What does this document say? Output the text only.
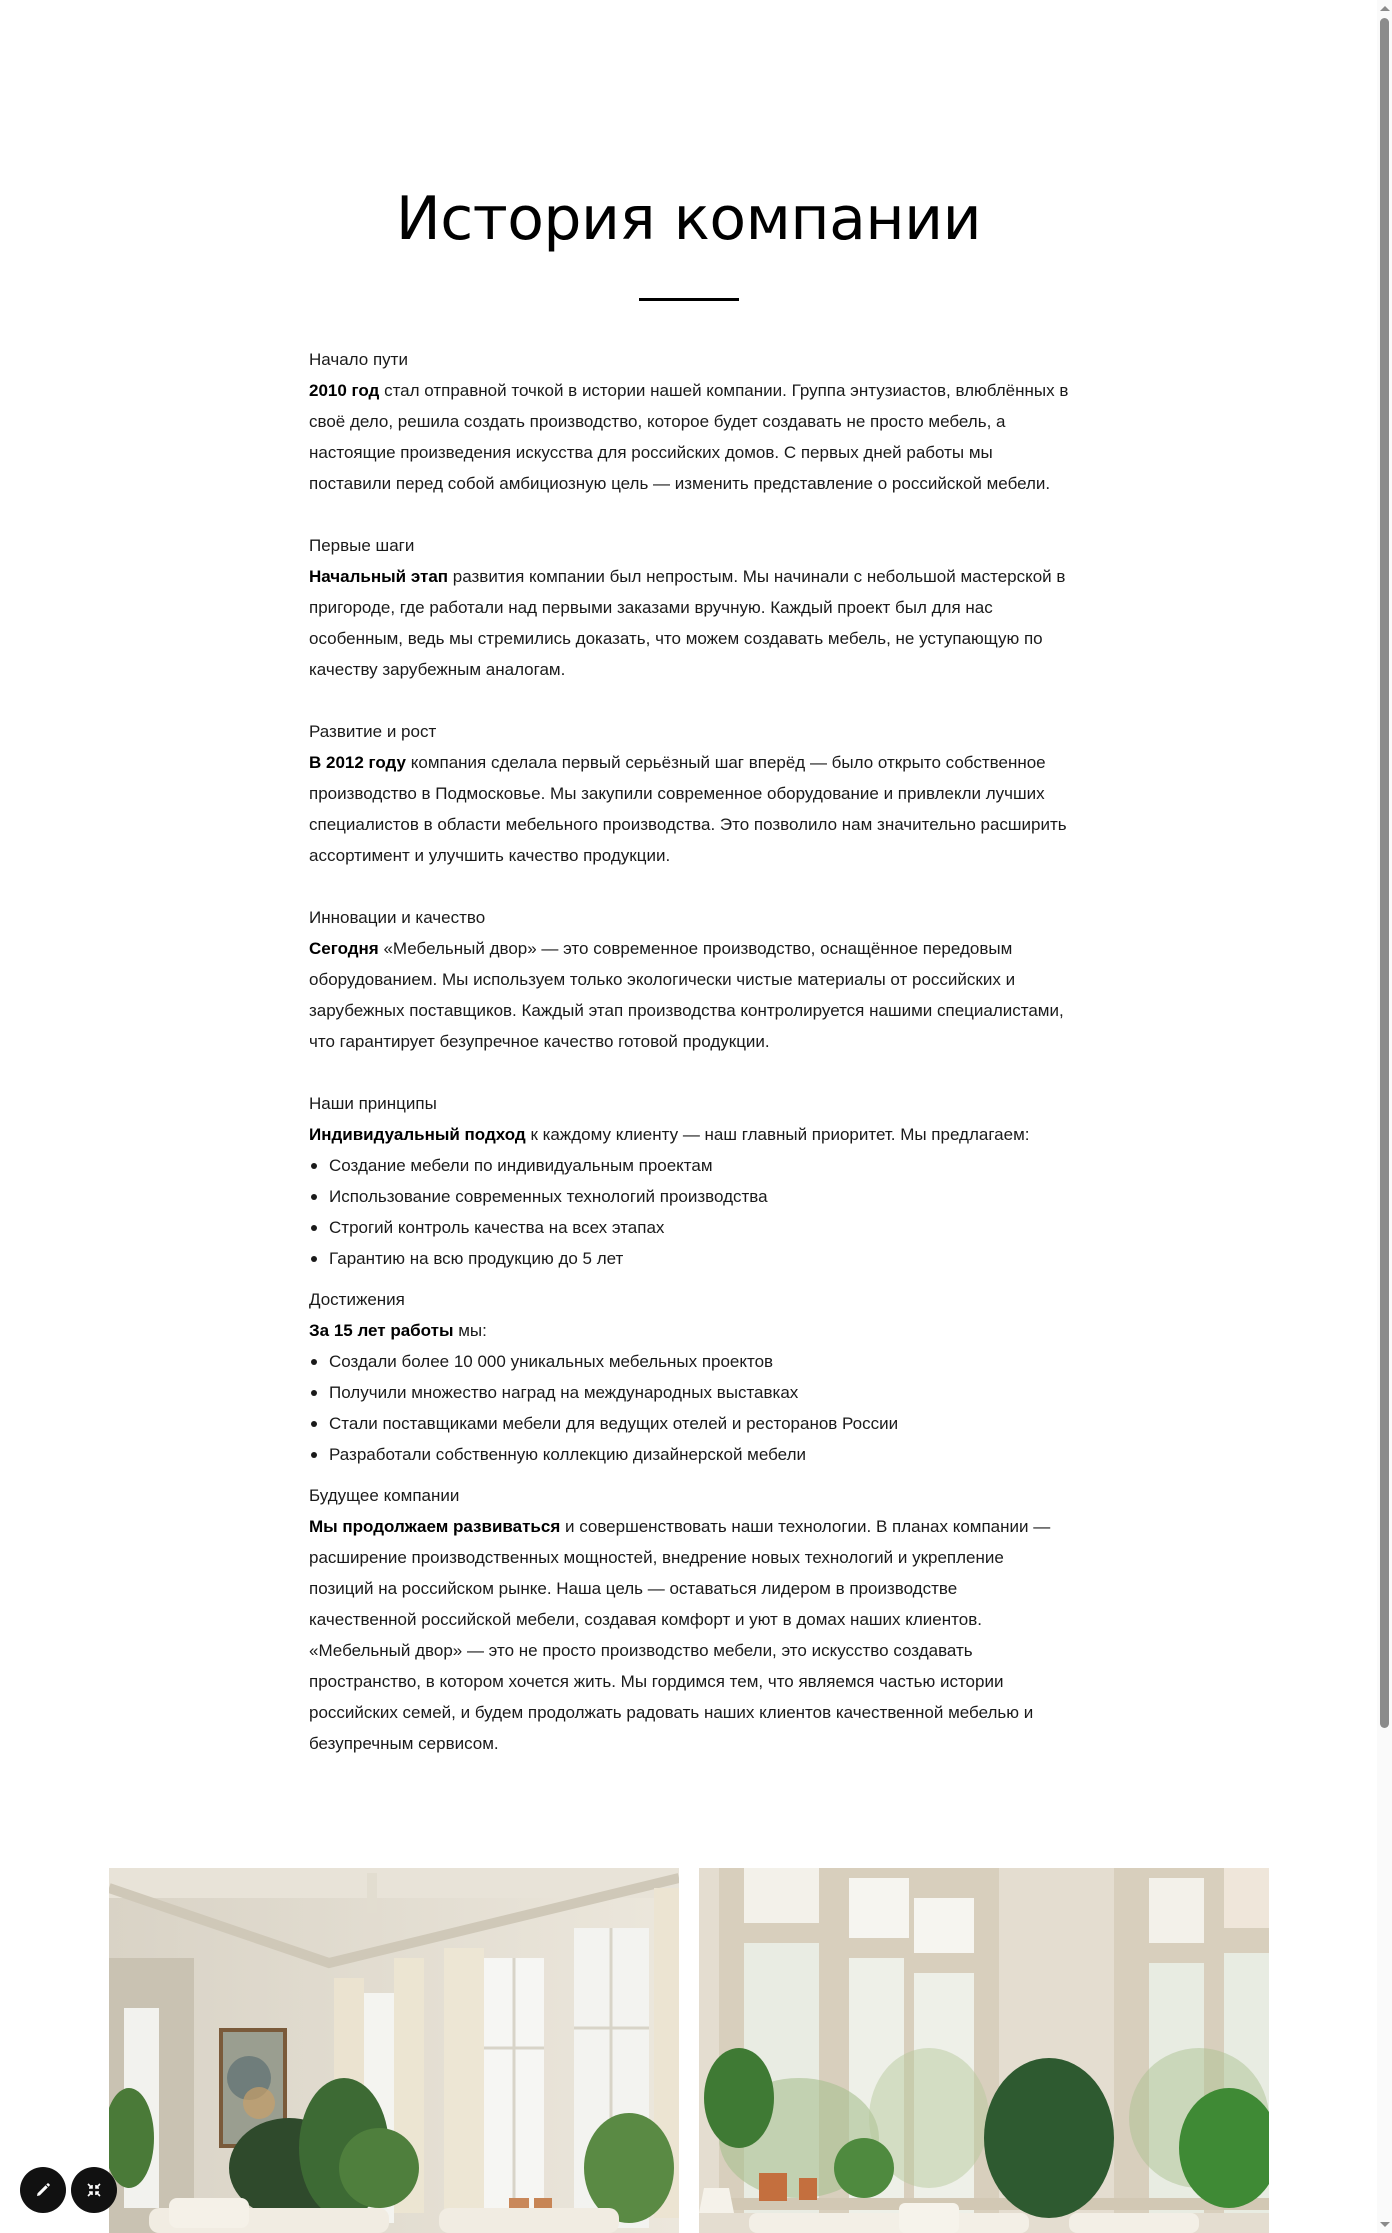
История компании

Начало пути

2010 год стал отправной точкой в истории нашей компании. Группа энтузиастов, влюблённых в своё дело, решила создать производство, которое будет создавать не просто мебель, а настоящие произведения искусства для российских домов. С первых дней работы мы поставили перед собой амбициозную цель — изменить представление о российской мебели.

Первые шаги

Начальный этап развития компании был непростым. Мы начинали с небольшой мастерской в пригороде, где работали над первыми заказами вручную. Каждый проект был для нас особенным, ведь мы стремились доказать, что можем создавать мебель, не уступающую по качеству зарубежным аналогам.

Развитие и рост

В 2012 году компания сделала первый серьёзный шаг вперёд — было открыто собственное производство в Подмосковье. Мы закупили современное оборудование и привлекли лучших специалистов в области мебельного производства. Это позволило нам значительно расширить ассортимент и улучшить качество продукции.

Инновации и качество

Сегодня «Мебельный двор» — это современное производство, оснащённое передовым оборудованием. Мы используем только экологически чистые материалы от российских и зарубежных поставщиков. Каждый этап производства контролируется нашими специалистами, что гарантирует безупречное качество готовой продукции.

Наши принципы

Индивидуальный подход к каждому клиенту — наш главный приоритет. Мы предлагаем:

Создание мебели по индивидуальным проектам
Использование современных технологий производства
Строгий контроль качества на всех этапах
Гарантию на всю продукцию до 5 лет

Достижения

За 15 лет работы мы:

Создали более 10 000 уникальных мебельных проектов
Получили множество наград на международных выставках
Стали поставщиками мебели для ведущих отелей и ресторанов России
Разработали собственную коллекцию дизайнерской мебели

Будущее компании

Мы продолжаем развиваться и совершенствовать наши технологии. В планах компании — расширение производственных мощностей, внедрение новых технологий и укрепление позиций на российском рынке. Наша цель — оставаться лидером в производстве качественной российской мебели, создавая комфорт и уют в домах наших клиентов. «Мебельный двор» — это не просто производство мебели, это искусство создавать пространство, в котором хочется жить. Мы гордимся тем, что являемся частью истории российских семей, и будем продолжать радовать наших клиентов качественной мебелью и безупречным сервисом.
